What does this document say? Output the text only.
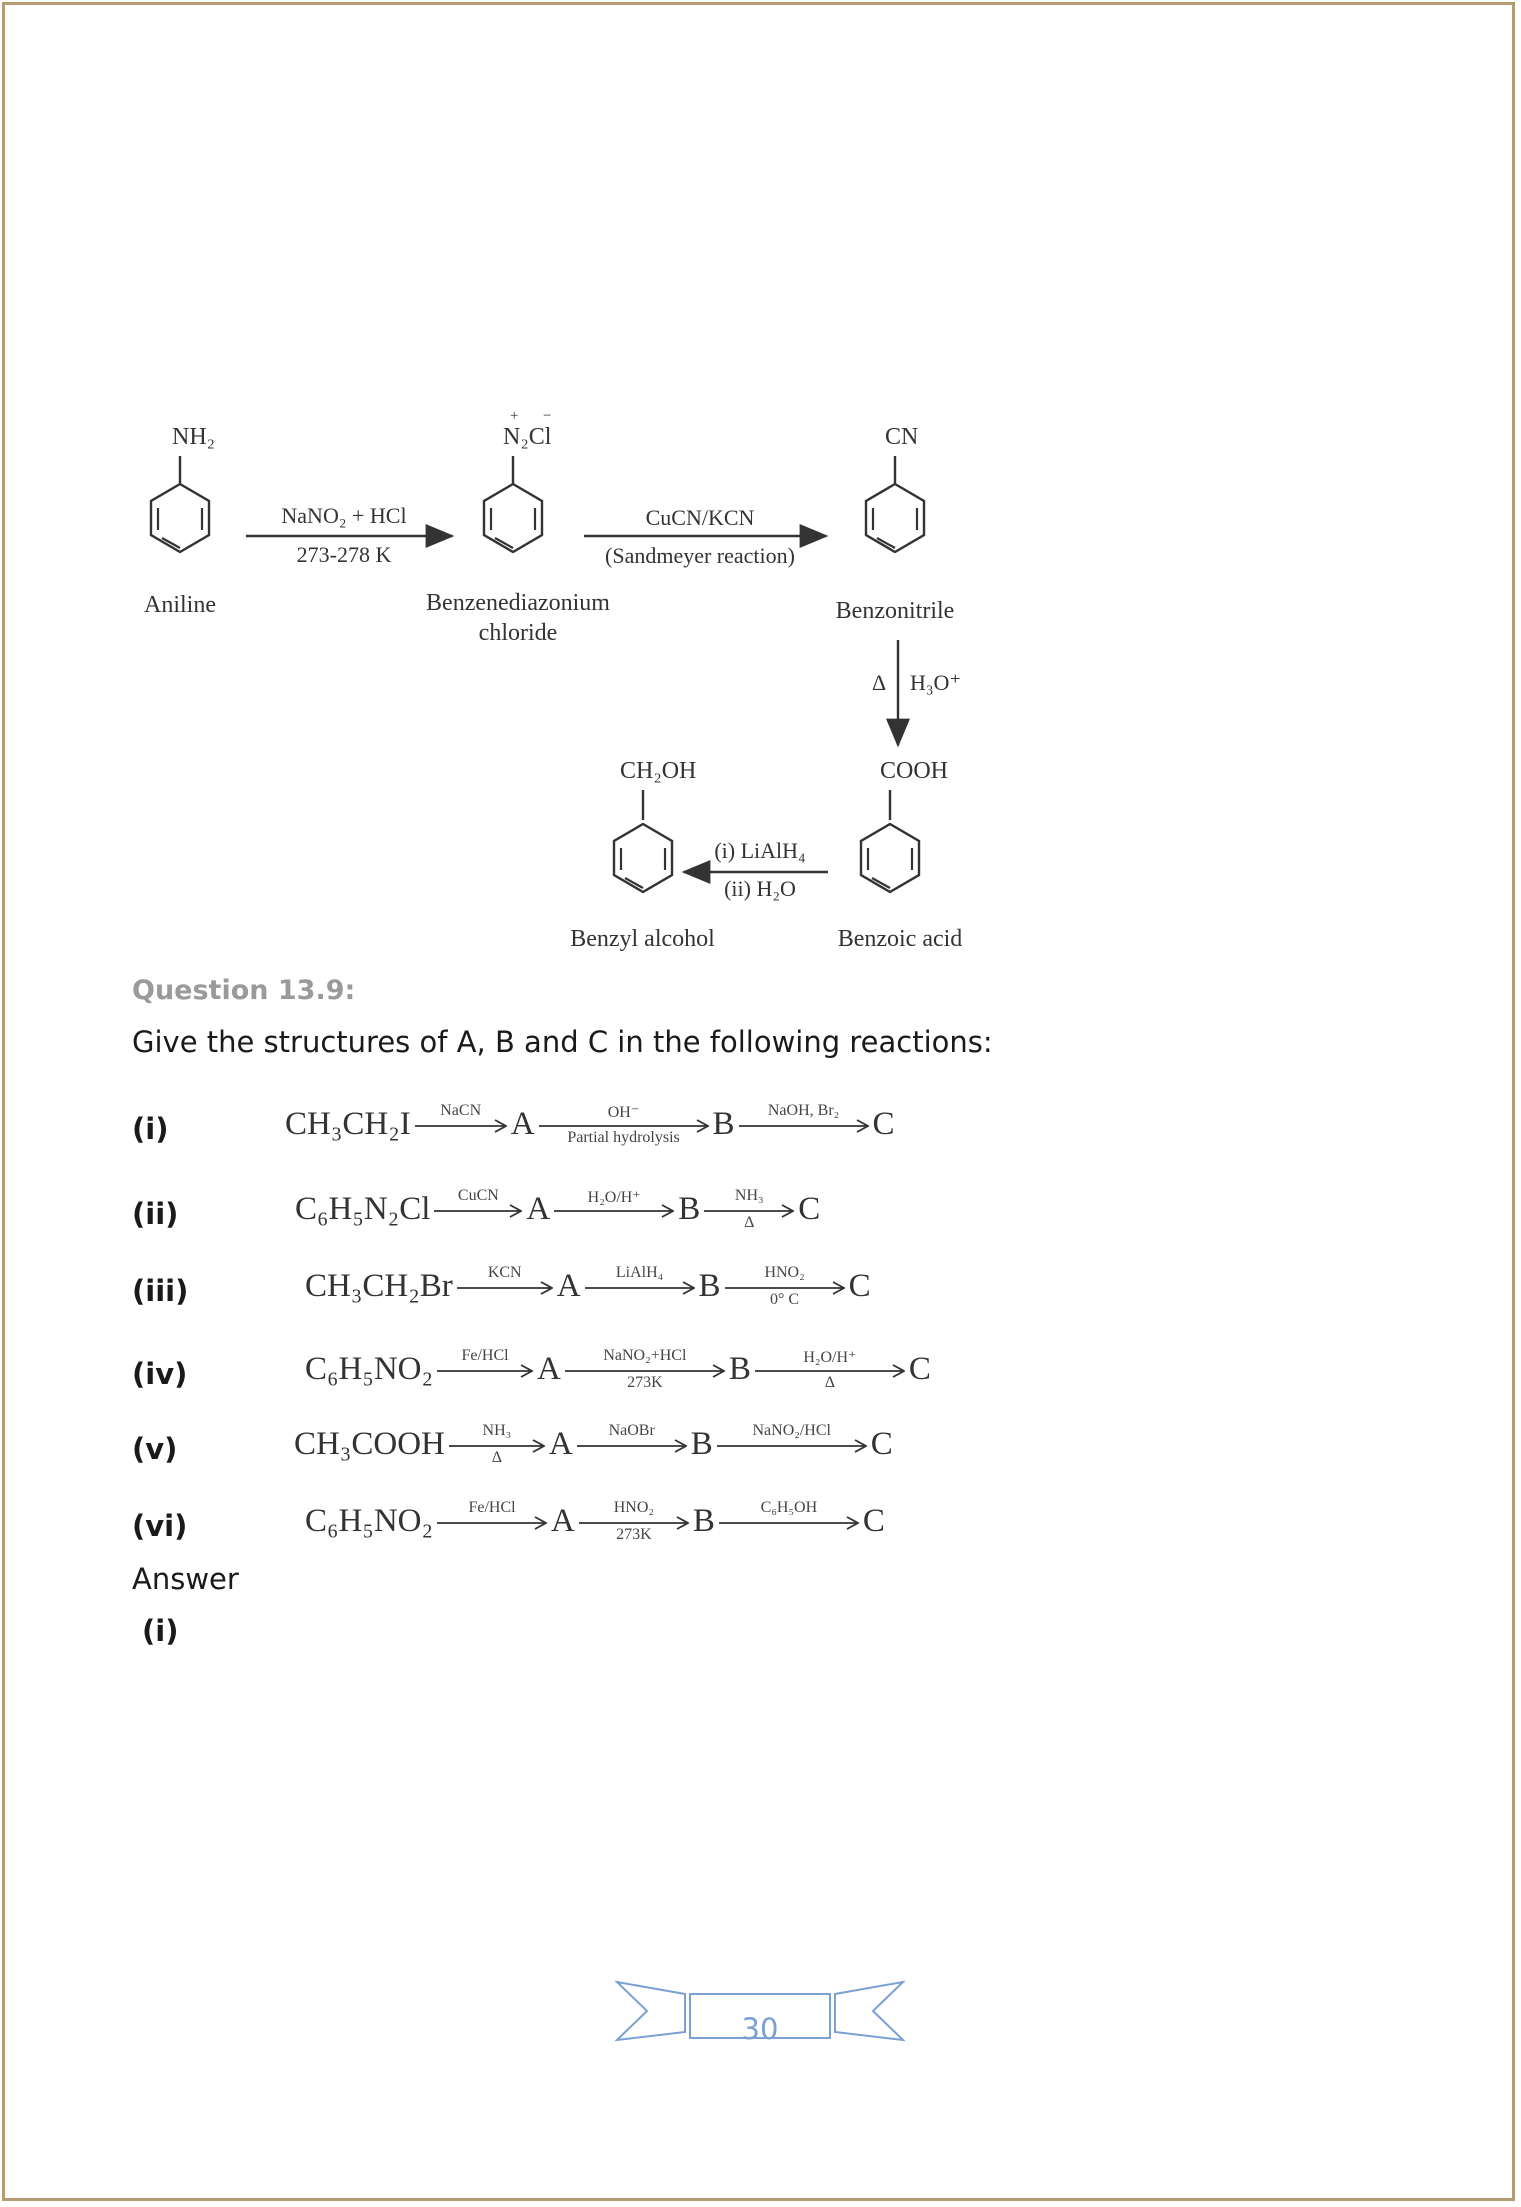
NH₂	N₂Cl
+ −
CN
COOH
CH₂OH
Aniline	Benzenediazonium
chloride
Benzonitrile
Benzoic acid
Benzyl alcohol
NaNO₂ + HCl
273-278 K
CuCN/KCN
(Sandmeyer reaction)
Δ H₃O⁺
(i) LiAlH₄
(ii) H₂O
Question 13.9:
Give the structures of A, B and C in the following reactions:
(i)	CH₃CH₂I	NaCN A	OH⁻
Partial hydrolysis B	NaOH, Br₂	C
(ii)	C₆H₅N₂Cl	CuCN A	H₂O/H⁺	B	NH₃
Δ	C
(iii)	CH₃CH₂Br	KCN	A	LiAlH₄	B	HNO₂
0° C	C
(iv)	C₆H₅NO₂	Fe/HCl A	NaNO₂+HCl
273K	B	H₂O/H⁺
Δ	C
(v)	CH₃COOH	NH₃
Δ	A	NaOBr	B	NaNO₂/HCl	C
(vi)	C₆H₅NO₂	Fe/HCl	A	HNO₂
273K	B	C₆H₅OH	C
Answer
(i)
30
